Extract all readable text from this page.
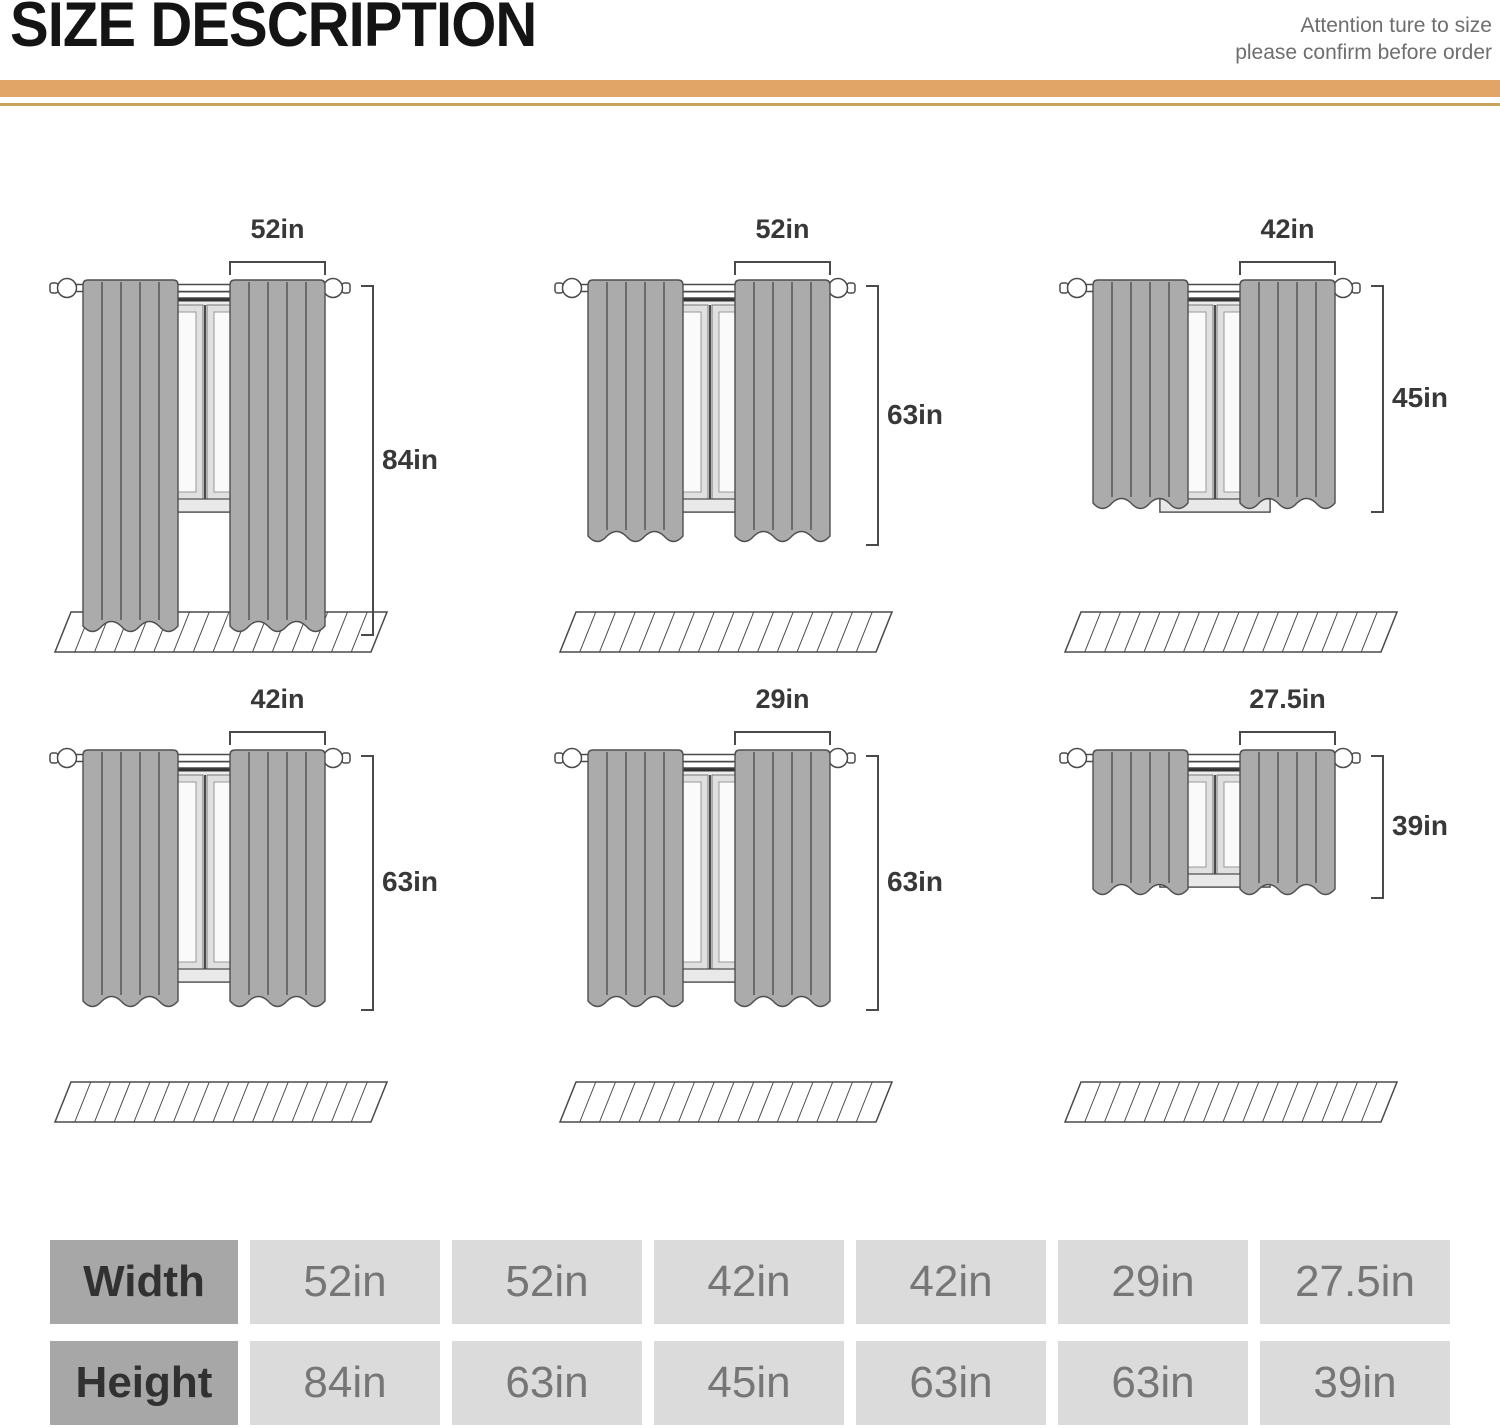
SIZE DESCRIPTION	Attention ture to size
please confirm before order
52in
84in
52in
63in
42in
45in
42in
63in
29in
63in
27.5in
39in
Width	52in	52in	42in	42in	29in	27.5in
Height	84in	63in	45in	63in	63in	39in
